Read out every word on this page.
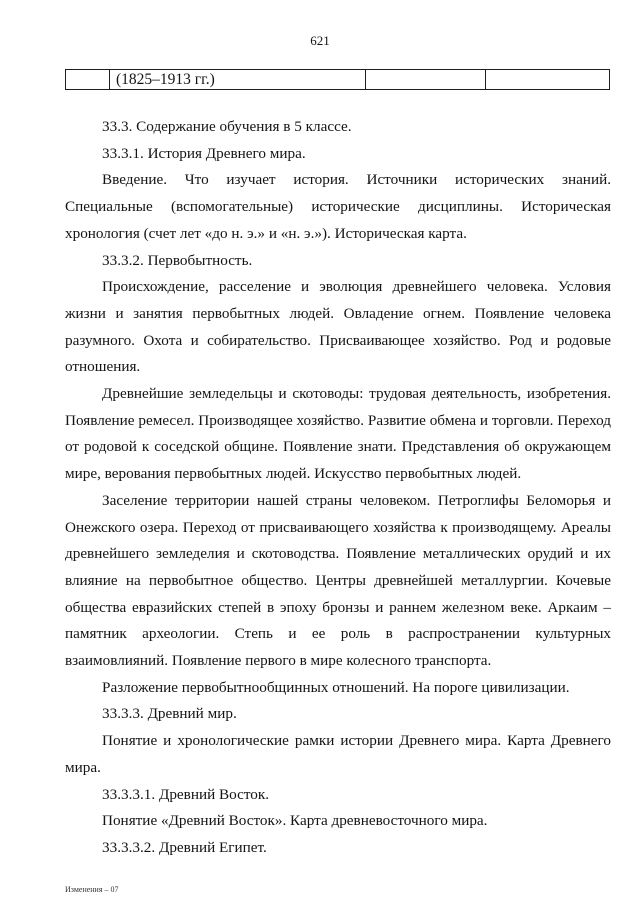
621
(1825–1913 гг.)

33.3. Содержание обучения в 5 классе.

33.3.1. История Древнего мира.

Введение. Что изучает история. Источники исторических знаний. Специальные (вспомогательные) исторические дисциплины. Историческая хронология (счет лет «до н. э.» и «н. э.»). Историческая карта.

33.3.2. Первобытность.

Происхождение, расселение и эволюция древнейшего человека. Условия жизни и занятия первобытных людей. Овладение огнем. Появление человека разумного. Охота и собирательство. Присваивающее хозяйство. Род и родовые отношения.

Древнейшие земледельцы и скотоводы: трудовая деятельность, изобретения. Появление ремесел. Производящее хозяйство. Развитие обмена и торговли. Переход от родовой к соседской общине. Появление знати. Представления об окружающем мире, верования первобытных людей. Искусство первобытных людей.

Заселение территории нашей страны человеком. Петроглифы Беломорья и Онежского озера. Переход от присваивающего хозяйства к производящему. Ареалы древнейшего земледелия и скотоводства. Появление металлических орудий и их влияние на первобытное общество. Центры древнейшей металлургии. Кочевые общества евразийских степей в эпоху бронзы и раннем железном веке. Аркаим – памятник археологии. Степь и ее роль в распространении культурных взаимовлияний. Появление первого в мире колесного транспорта.

Разложение первобытнообщинных отношений. На пороге цивилизации.

33.3.3. Древний мир.

Понятие и хронологические рамки истории Древнего мира. Карта Древнего мира.

33.3.3.1. Древний Восток.

Понятие «Древний Восток». Карта древневосточного мира.

33.3.3.2. Древний Египет.

Изменения – 07
